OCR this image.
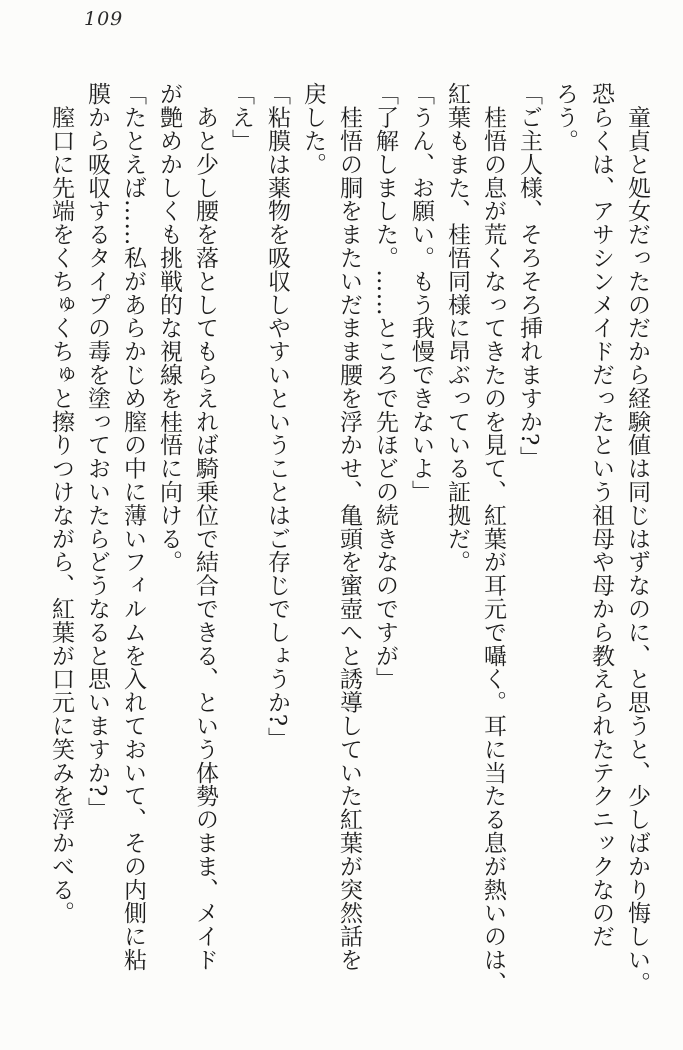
109

　童貞と処女だったのだから経験値は同じはずなのに、と思うと、少しばかり悔しい。

恐らくは、アサシンメイドだったという祖母や母から教えられたテクニックなのだ

ろう。

「ご主人様、そろそろ挿れますか?」

　桂悟の息が荒くなってきたのを見て、紅葉が耳元で囁く。耳に当たる息が熱いのは、

紅葉もまた、桂悟同様に昂ぶっている証拠だ。

「うん、お願い。もう我慢できないよ」

「了解しました。……ところで先ほどの続きなのですが」

　桂悟の胴をまたいだまま腰を浮かせ、亀頭を蜜壺へと誘導していた紅葉が突然話を

戻した。

「粘膜は薬物を吸収しやすいということはご存じでしょうか?」

「え」

　あと少し腰を落としてもらえれば騎乗位で結合できる、という体勢のまま、メイド

が艶めかしくも挑戦的な視線を桂悟に向ける。

「たとえば……私があらかじめ膣の中に薄いフィルムを入れておいて、その内側に粘

膜から吸収するタイプの毒を塗っておいたらどうなると思いますか?」

　膣口に先端をくちゅくちゅと擦りつけながら、紅葉が口元に笑みを浮かべる。
